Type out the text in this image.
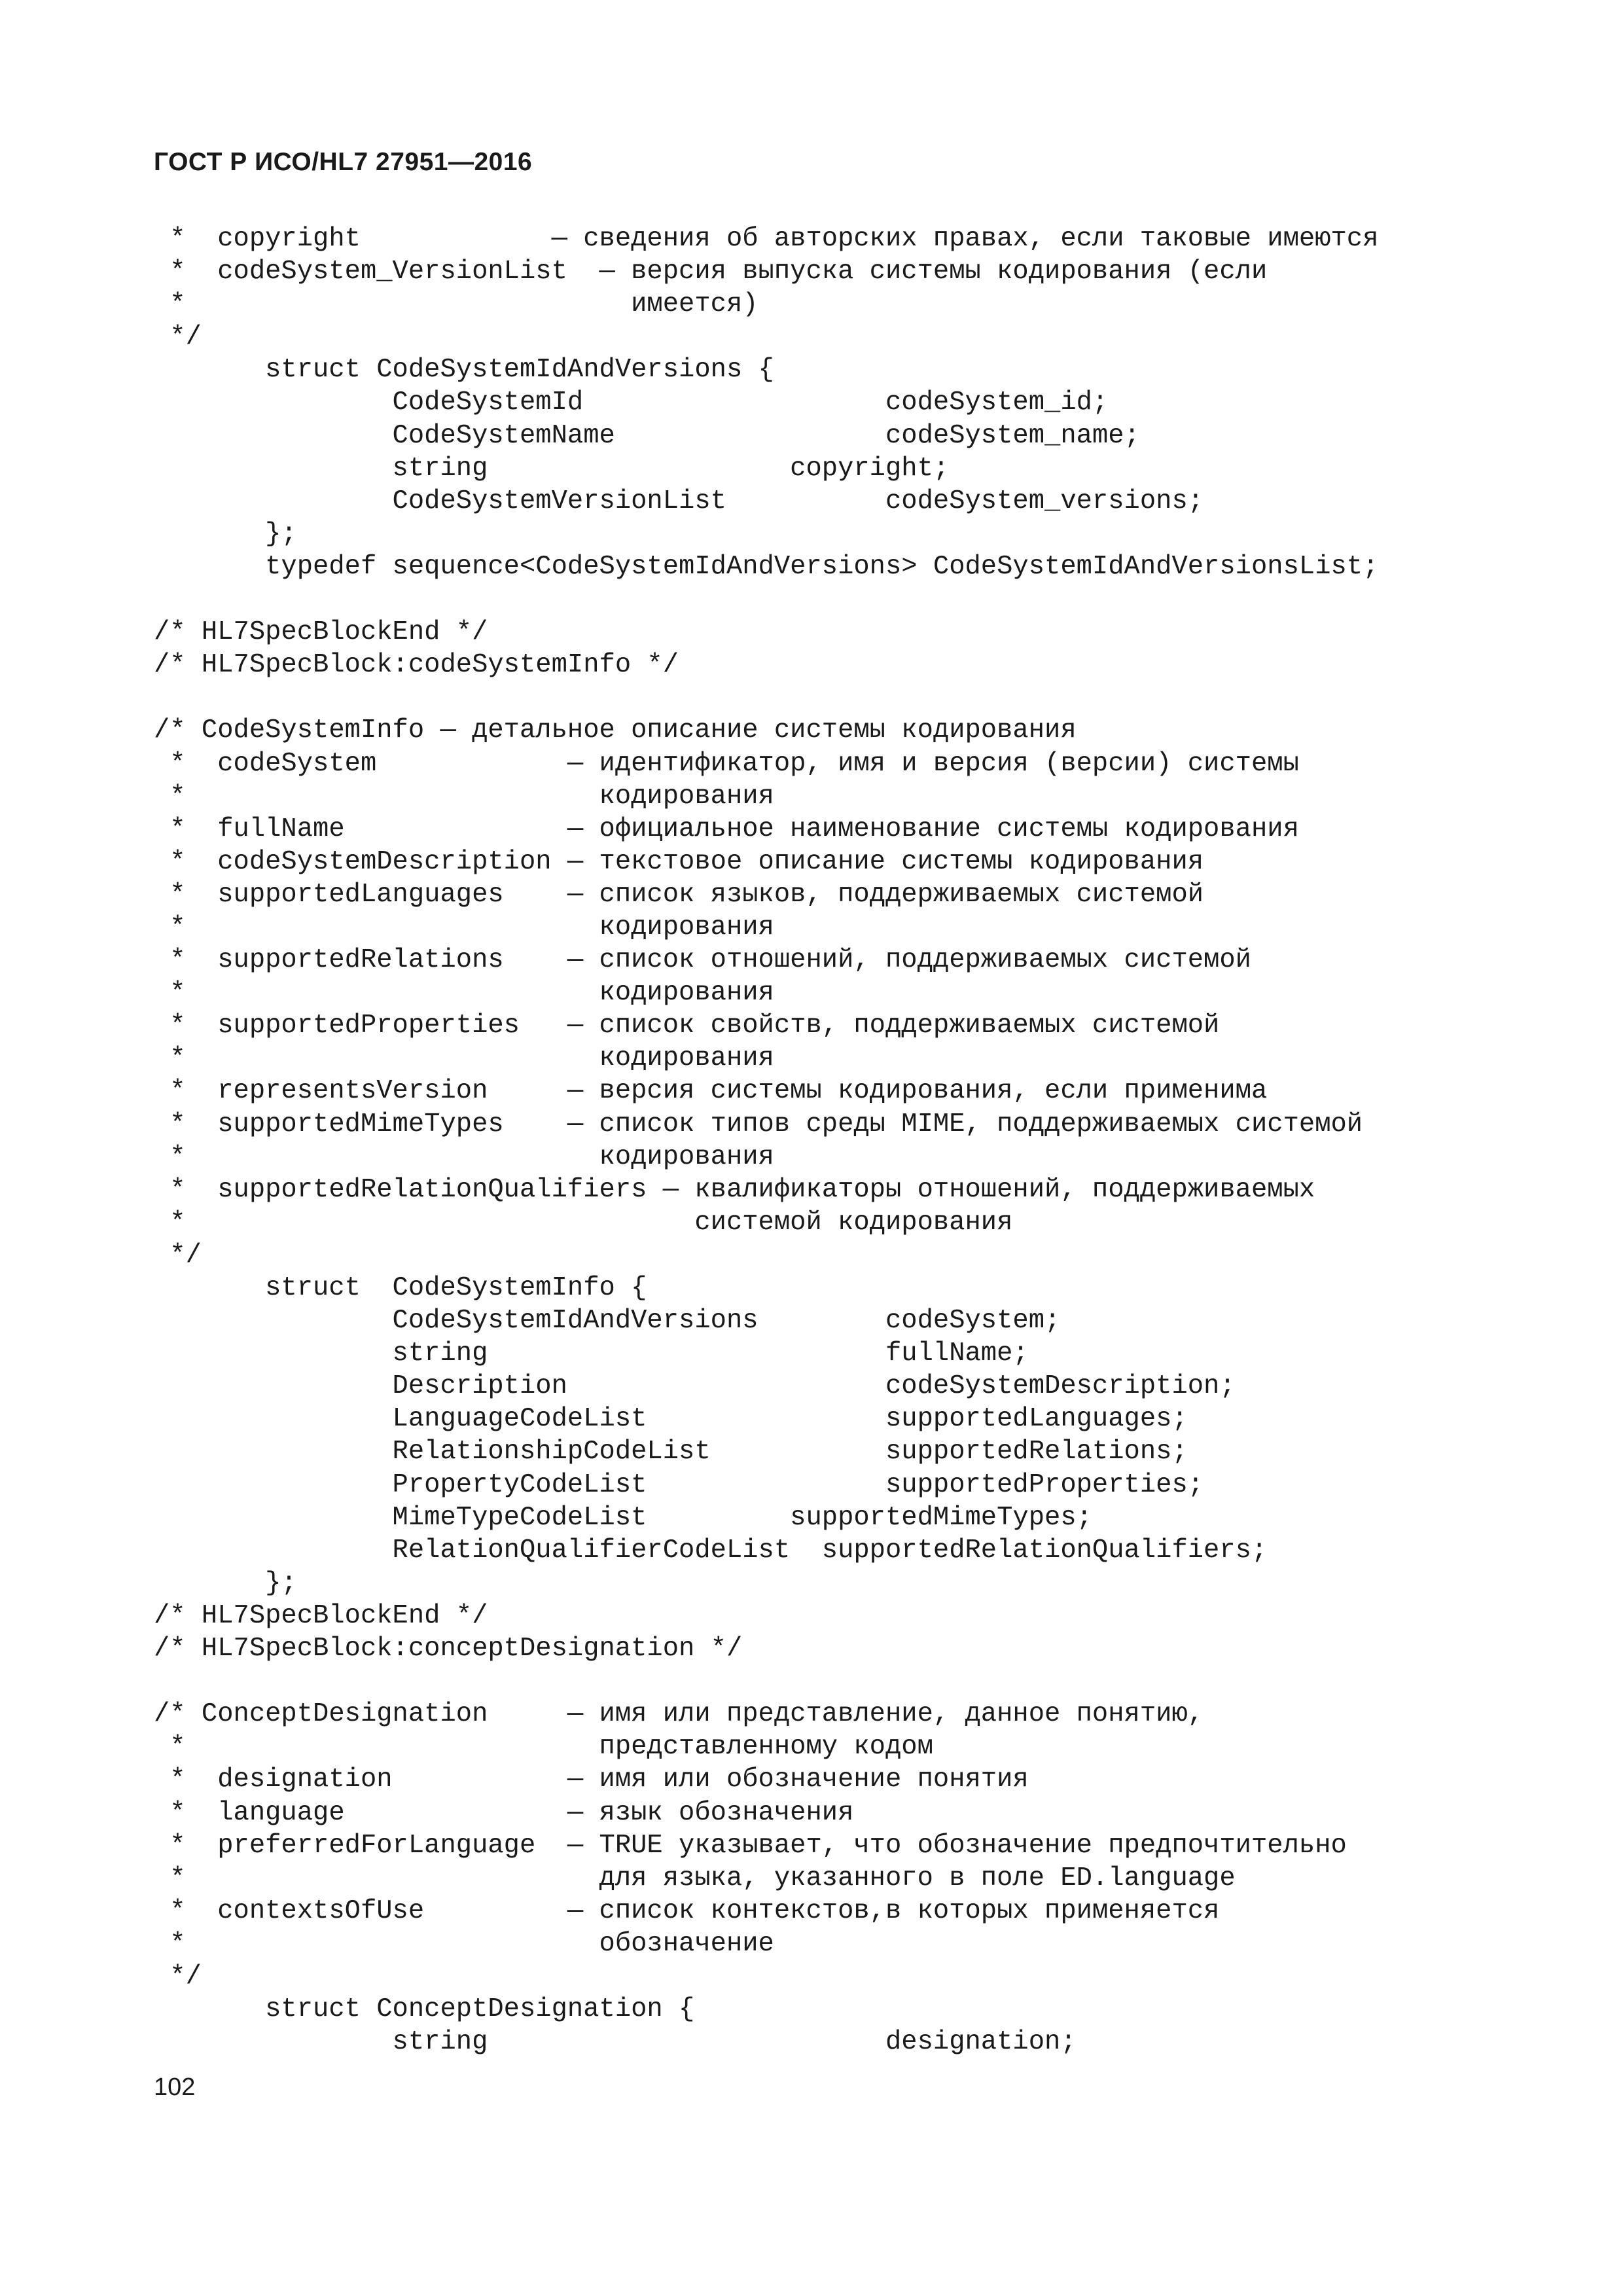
ГОСТ Р ИСО/HL7 27951—2016
*  copyright            — сведения об авторских правах, если таковые имеются
*  codeSystem_VersionList  — версия выпуска системы кодирования (если
*                            имеется)
*/
struct CodeSystemIdAndVersions {
CodeSystemId                   codeSystem_id;
CodeSystemName                 codeSystem_name;
string                   copyright;
CodeSystemVersionList          codeSystem_versions;
};
typedef sequence<CodeSystemIdAndVersions> CodeSystemIdAndVersionsList;
/* HL7SpecBlockEnd */
/* HL7SpecBlock:codeSystemInfo */
/* CodeSystemInfo — детальное описание системы кодирования
*  codeSystem            — идентификатор, имя и версия (версии) системы
*                          кодирования
*  fullName              — официальное наименование системы кодирования
*  codeSystemDescription — текстовое описание системы кодирования
*  supportedLanguages    — список языков, поддерживаемых системой
*                          кодирования
*  supportedRelations    — список отношений, поддерживаемых системой
*                          кодирования
*  supportedProperties   — список свойств, поддерживаемых системой
*                          кодирования
*  representsVersion     — версия системы кодирования, если применима
*  supportedMimeTypes    — список типов среды MIME, поддерживаемых системой
*                          кодирования
*  supportedRelationQualifiers — квалификаторы отношений, поддерживаемых
*                                системой кодирования
*/
struct  CodeSystemInfo {
CodeSystemIdAndVersions        codeSystem;
string                         fullName;
Description                    codeSystemDescription;
LanguageCodeList               supportedLanguages;
RelationshipCodeList           supportedRelations;
PropertyCodeList               supportedProperties;
MimeTypeCodeList         supportedMimeTypes;
RelationQualifierCodeList  supportedRelationQualifiers;
};
/* HL7SpecBlockEnd */
/* HL7SpecBlock:conceptDesignation */
/* ConceptDesignation     — имя или представление, данное понятию,
*                          представленному кодом
*  designation           — имя или обозначение понятия
*  language              — язык обозначения
*  preferredForLanguage  — TRUE указывает, что обозначение предпочтительно
*                          для языка, указанного в поле ED.language
*  contextsOfUse         — список контекстов,в которых применяется
*                          обозначение
*/
struct ConceptDesignation {
string                         designation;
102
